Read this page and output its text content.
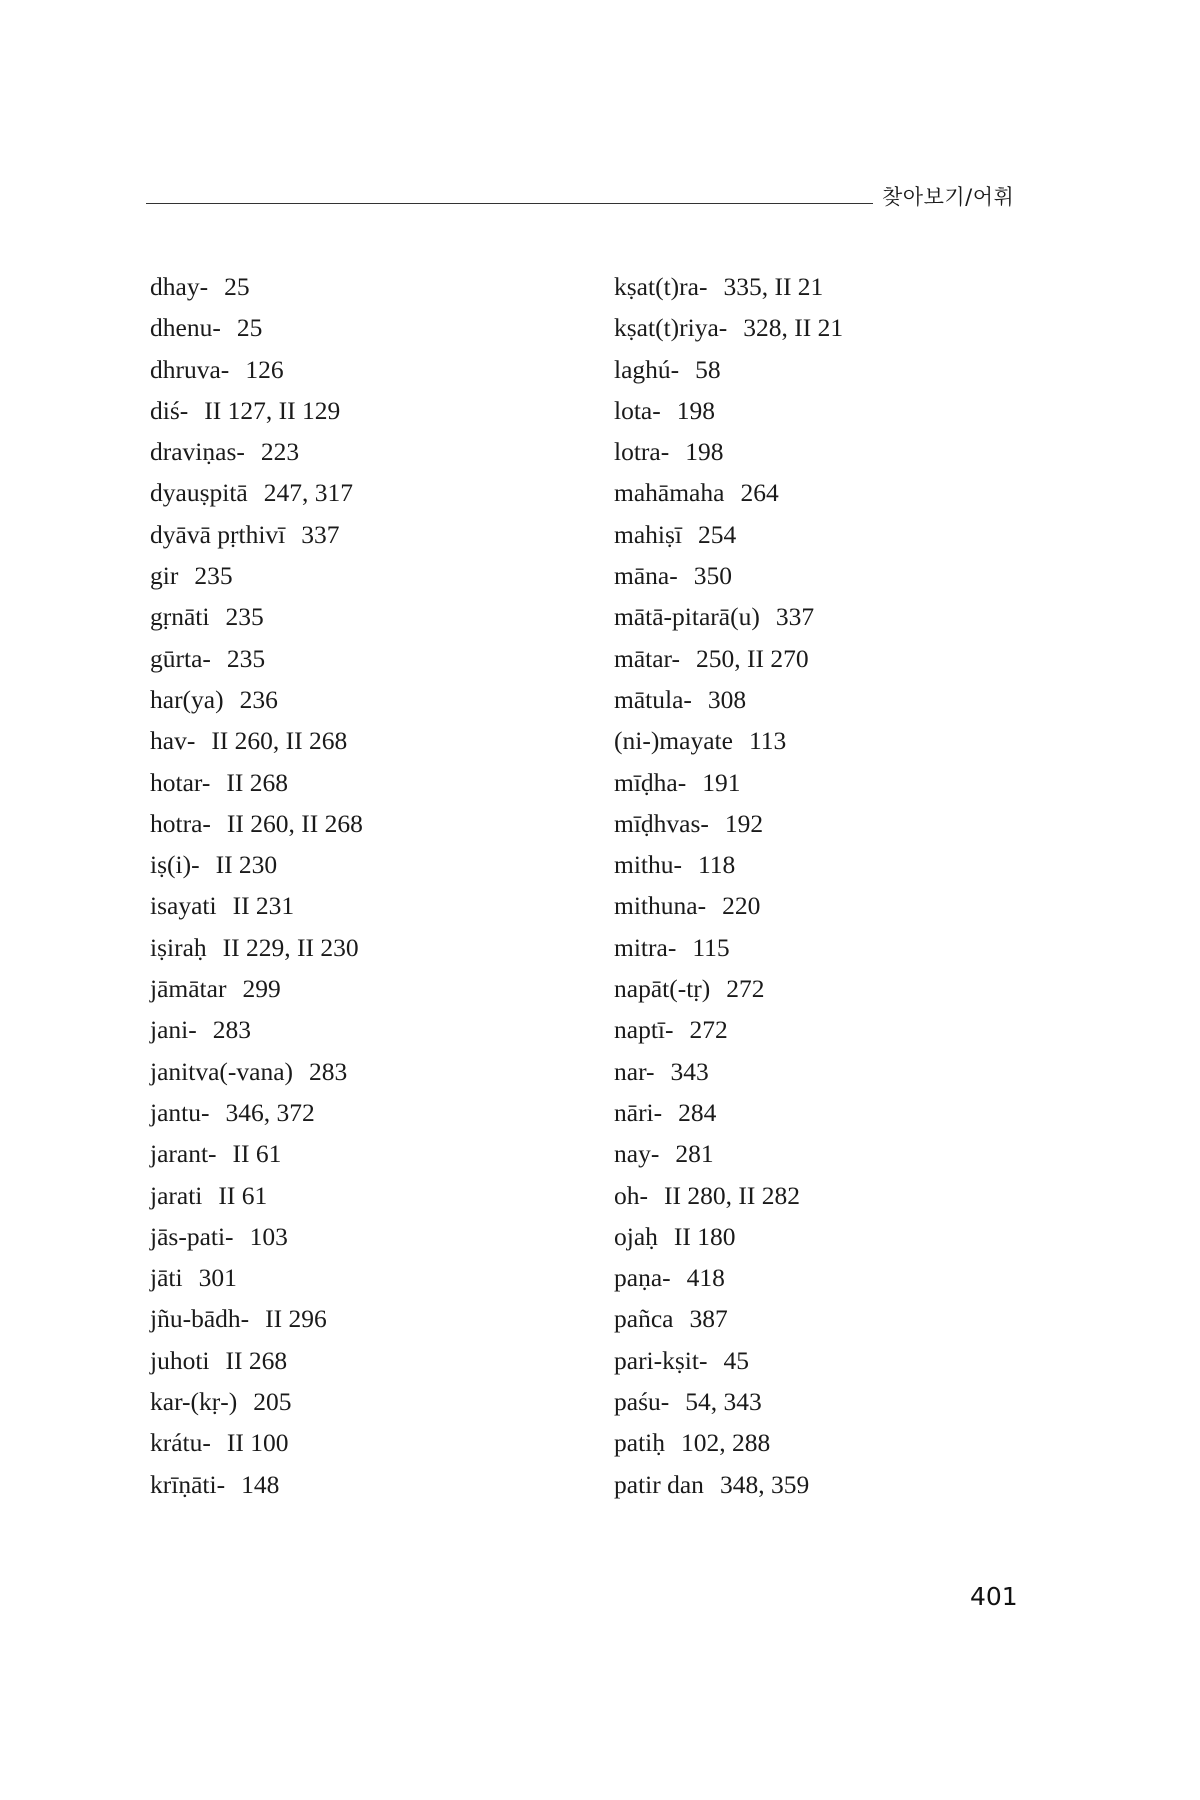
찾아보기/어휘
dhay- 25
dhenu- 25
dhruva- 126
diś- II 127, II 129
draviṇas- 223
dyauṣpitā 247, 317
dyāvā pṛthivī 337
gir 235
gṛnāti 235
gūrta- 235
har(ya) 236
hav- II 260, II 268
hotar- II 268
hotra- II 260, II 268
iṣ(i)- II 230
isayati II 231
iṣiraḥ II 229, II 230
jāmātar 299
jani- 283
janitva(-vana) 283
jantu- 346, 372
jarant- II 61
jarati II 61
jās-pati- 103
jāti 301
jñu-bādh- II 296
juhoti II 268
kar-(kṛ-) 205
krátu- II 100
krīṇāti- 148
kṣat(t)ra- 335, II 21
kṣat(t)riya- 328, II 21
laghú- 58
lota- 198
lotra- 198
mahāmaha 264
mahiṣī 254
māna- 350
mātā-pitarā(u) 337
mātar- 250, II 270
mātula- 308
(ni-)mayate 113
mīḍha- 191
mīḍhvas- 192
mithu- 118
mithuna- 220
mitra- 115
napāt(-tṛ) 272
naptī- 272
nar- 343
nāri- 284
nay- 281
oh- II 280, II 282
ojaḥ II 180
paṇa- 418
pañca 387
pari-kṣit- 45
paśu- 54, 343
patiḥ 102, 288
patir dan 348, 359
401
